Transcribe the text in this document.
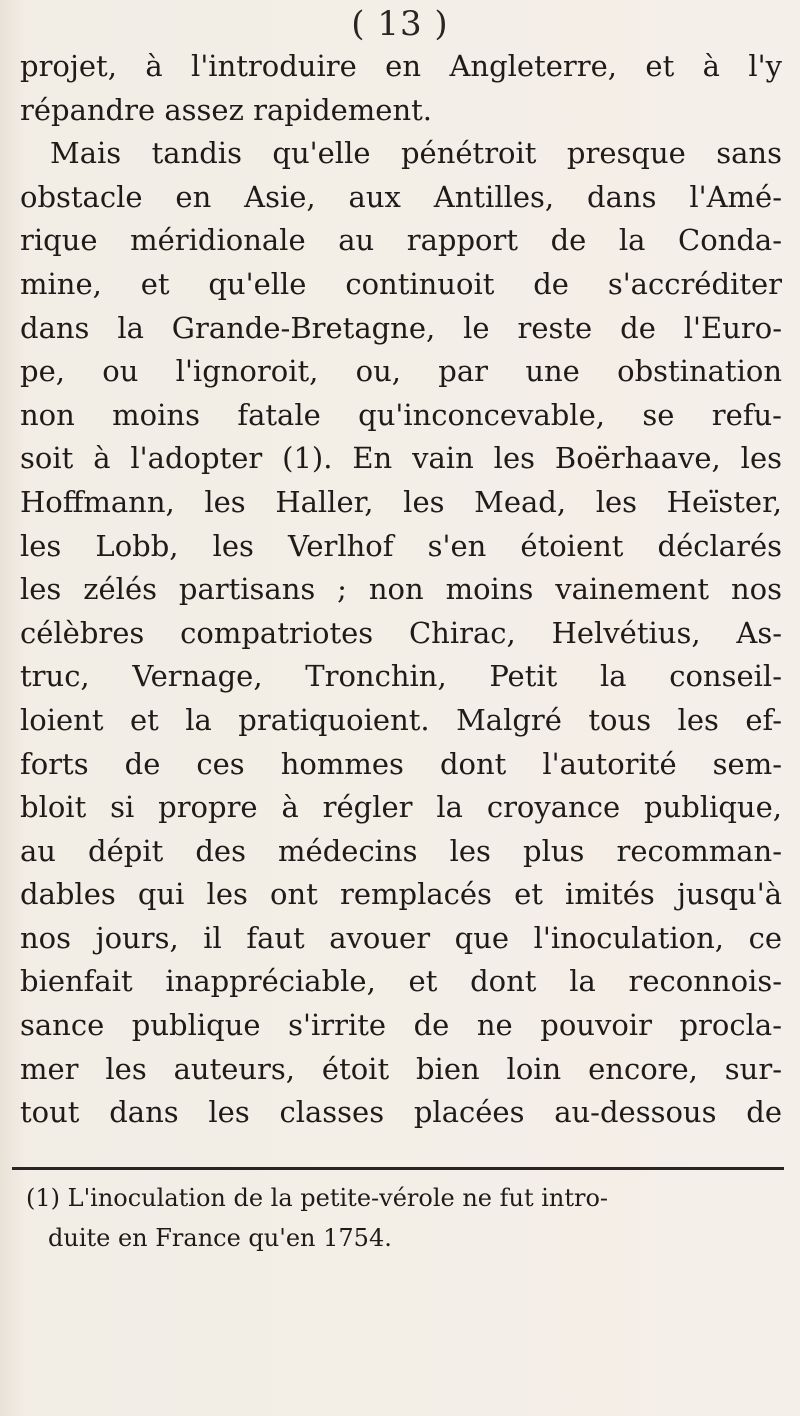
( 13 )
projet, à l'introduire en Angleterre, et à l'y
répandre assez rapidement.
Mais tandis qu'elle pénétroit presque sans
obstacle en Asie, aux Antilles, dans l'Amé-
rique méridionale au rapport de la Conda-
mine, et qu'elle continuoit de s'accréditer
dans la Grande-Bretagne, le reste de l'Euro-
pe, ou l'ignoroit, ou, par une obstination
non moins fatale qu'inconcevable, se refu-
soit à l'adopter (1). En vain les Boërhaave, les
Hoffmann, les Haller, les Mead, les Heïster,
les Lobb, les Verlhof s'en étoient déclarés
les zélés partisans ; non moins vainement nos
célèbres compatriotes Chirac, Helvétius, As-
truc, Vernage, Tronchin, Petit la conseil-
loient et la pratiquoient. Malgré tous les ef-
forts de ces hommes dont l'autorité sem-
bloit si propre à régler la croyance publique,
au dépit des médecins les plus recomman-
dables qui les ont remplacés et imités jusqu'à
nos jours, il faut avouer que l'inoculation, ce
bienfait inappréciable, et dont la reconnois-
sance publique s'irrite de ne pouvoir procla-
mer les auteurs, étoit bien loin encore, sur-
tout dans les classes placées au-dessous de
(1) L'inoculation de la petite-vérole ne fut intro-
duite en France qu'en 1754.
